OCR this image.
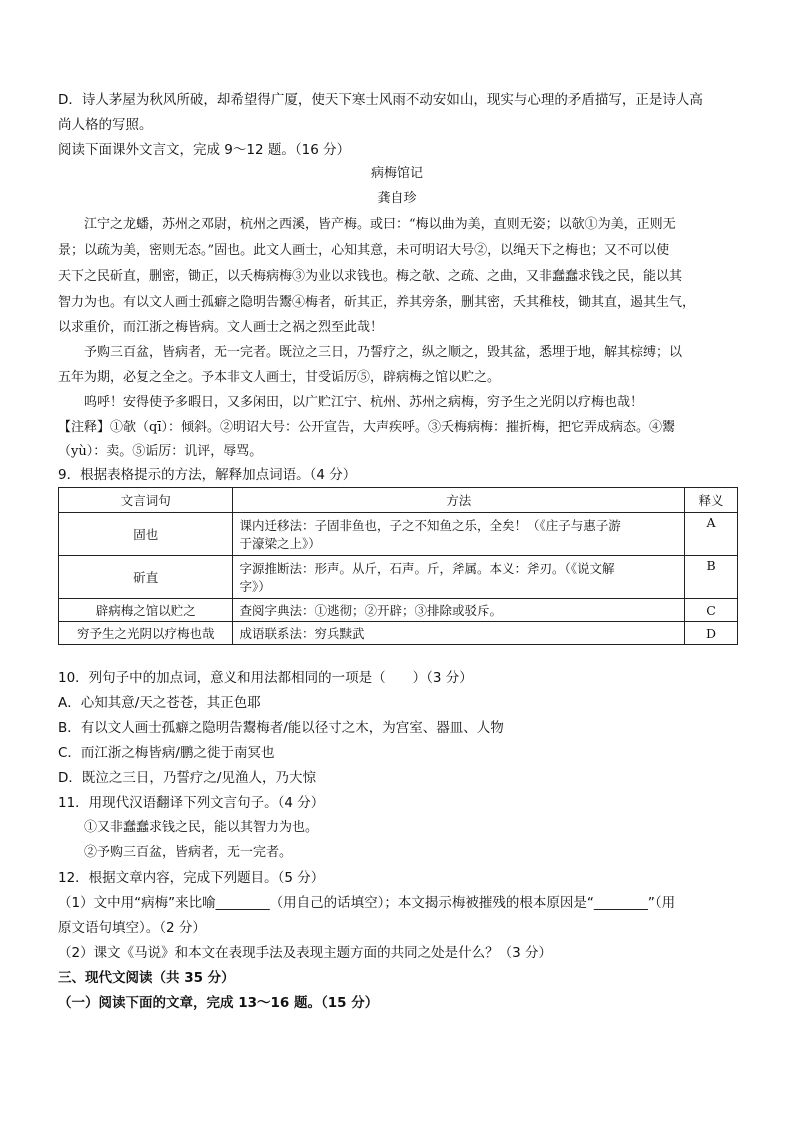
D．诗人茅屋为秋风所破，却希望得广厦，使天下寒士风雨不动安如山，现实与心理的矛盾描写，正是诗人高
尚人格的写照。
阅读下面课外文言文，完成 9～12 题。（16 分）
病梅馆记
龚自珍
江宁之龙蟠，苏州之邓尉，杭州之西溪，皆产梅。或曰：“梅以曲为美，直则无姿；以欹①为美，正则无
景；以疏为美，密则无态。”固也。此文人画士，心知其意，未可明诏大号②，以绳天下之梅也；又不可以使
天下之民斫直，删密，锄正，以夭梅病梅③为业以求钱也。梅之欹、之疏、之曲，又非蠢蠢求钱之民，能以其
智力为也。有以文人画士孤癖之隐明告鬻④梅者，斫其正，养其旁条，删其密，夭其稚枝，锄其直，遏其生气，
以求重价，而江浙之梅皆病。文人画士之祸之烈至此哉！
予购三百盆，皆病者，无一完者。既泣之三日，乃誓疗之，纵之顺之，毁其盆，悉埋于地，解其棕缚；以
五年为期，必复之全之。予本非文人画士，甘受诟厉⑤，辟病梅之馆以贮之。
呜呼！安得使予多暇日，又多闲田，以广贮江宁、杭州、苏州之病梅，穷予生之光阴以疗梅也哉！
【注释】①欹（qī）：倾斜。②明诏大号：公开宣告，大声疾呼。③夭梅病梅：摧折梅，把它弄成病态。④鬻
（yù）：卖。⑤诟厉：讥评，辱骂。
9．根据表格提示的方法，解释加点词语。（4 分）
文言词句	方法	释义
固也	课内迁移法：子固非鱼也，子之不知鱼之乐，全矣！（《庄子与惠子游
于濠梁之上》）	A
斫直	字源推断法：形声。从斤，石声。斤，斧属。本义：斧刃。（《说文解
字》）	B
辟病梅之馆以贮之	查阅字典法：①逃彻；②开辟；③排除或驳斥。	C
穷予生之光阴以疗梅也哉	成语联系法：穷兵黩武	D
10．列句子中的加点词，意义和用法都相同的一项是（　　）（3 分）
A．心知其意/天之苍苍，其正色耶
B．有以文人画士孤癖之隐明告鬻梅者/能以径寸之木，为宫室、器皿、人物
C．而江浙之梅皆病/鹏之徙于南冥也
D．既泣之三日，乃誓疗之/见渔人，乃大惊
11．用现代汉语翻译下列文言句子。（4 分）
①又非蠢蠢求钱之民，能以其智力为也。
②予购三百盆，皆病者，无一完者。
12．根据文章内容，完成下列题目。（5 分）
（1）文中用“病梅”来比喻________（用自己的话填空）；本文揭示梅被摧残的根本原因是“________”（用
原文语句填空）。（2 分）
（2）课文《马说》和本文在表现手法及表现主题方面的共同之处是什么？（3 分）
三、现代文阅读（共 35 分）
（一）阅读下面的文章，完成 13～16 题。（15 分）
